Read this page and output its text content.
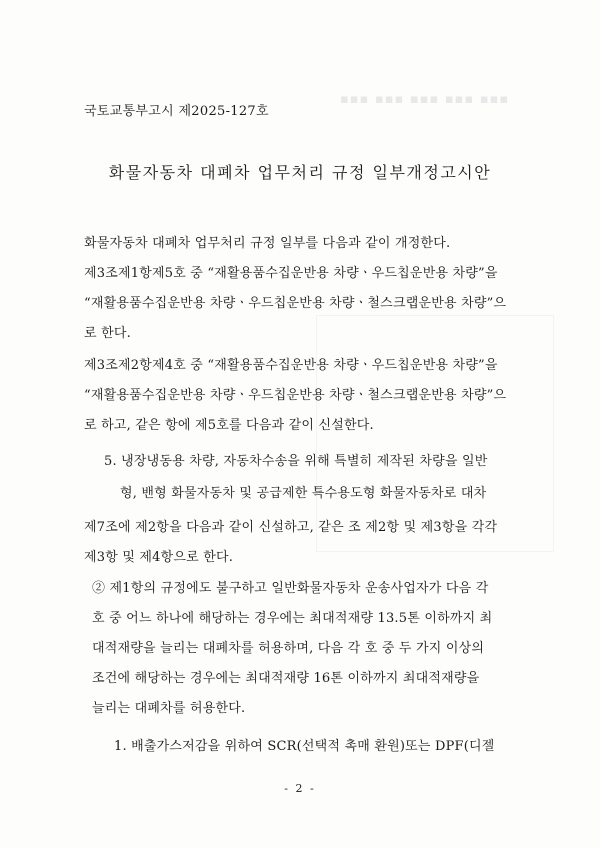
▪▪▪ ▪▪▪ ▪▪▪ ▪▪▪ ▪▪▪
국토교통부고시 제2025-127호
화물자동차 대폐차 업무처리 규정 일부개정고시안
화물자동차 대폐차 업무처리 규정 일부를 다음과 같이 개정한다.
제3조제1항제5호 중 “재활용품수집운반용 차량ㆍ우드칩운반용 차량”을
“재활용품수집운반용 차량ㆍ우드칩운반용 차량ㆍ철스크랩운반용 차량”으
로 한다.
제3조제2항제4호 중 “재활용품수집운반용 차량ㆍ우드칩운반용 차량”을
“재활용품수집운반용 차량ㆍ우드칩운반용 차량ㆍ철스크랩운반용 차량”으
로 하고, 같은 항에 제5호를 다음과 같이 신설한다.
5. 냉장냉동용 차량, 자동차수송을 위해 특별히 제작된 차량을 일반
형, 밴형 화물자동차 및 공급제한 특수용도형 화물자동차로 대차
제7조에 제2항을 다음과 같이 신설하고, 같은 조 제2항 및 제3항을 각각
제3항 및 제4항으로 한다.
② 제1항의 규정에도 불구하고 일반화물자동차 운송사업자가 다음 각
호 중 어느 하나에 해당하는 경우에는 최대적재량 13.5톤 이하까지 최
대적재량을 늘리는 대폐차를 허용하며, 다음 각 호 중 두 가지 이상의
조건에 해당하는 경우에는 최대적재량 16톤 이하까지 최대적재량을
늘리는 대폐차를 허용한다.
1. 배출가스저감을 위하여 SCR(선택적 촉매 환원)또는 DPF(디젤
- 2 -
